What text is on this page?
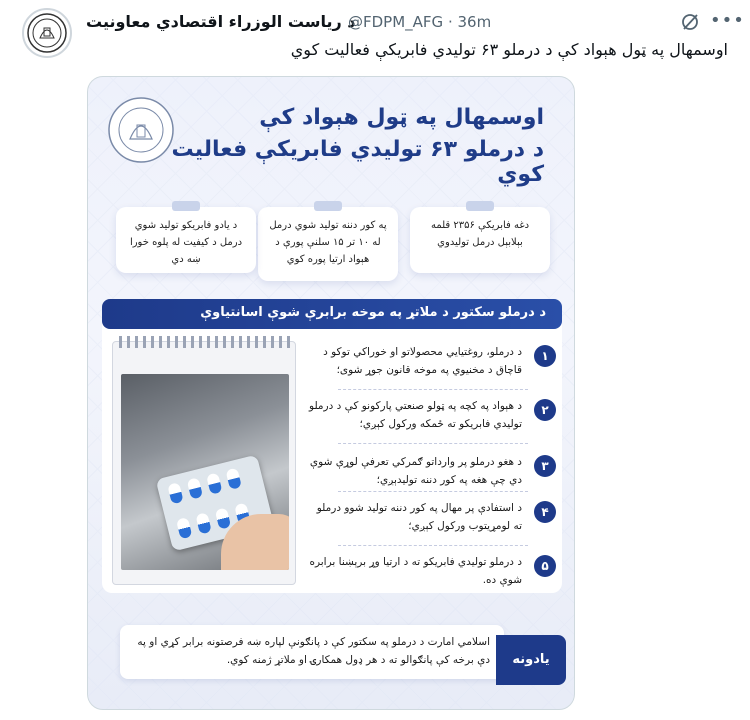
د ریاست الوزراء اقتصادي معاونیت
@FDPM_AFG · 36m	•••
اوسمهال په ټول هېواد کې د درملو ۶۳ توليدي فابريکې فعالیت کوي
اوسمهال په ټول هېواد کې
د درملو ۶۳ توليدي فابريکې فعاليت کوي
دغه فابريکې ۲۳۵۶ قلمه بېلابېل درمل توليدوي
په کور دننه توليد شوي درمل له ۱۰ تر ۱۵ سلنې پورې د هېواد ارتيا پوره کوي
د يادو فابريکو توليد شوي درمل د کيفيت له پلوه خورا ښه دي
د درملو سکتور د ملاتړ په موخه برابرې شوې اسانتياوې
۱
د درملو، روغتيايي محصولاتو او خوراکي توکو د قاچاق د مخنيوي په موخه قانون جوړ شوی؛
۲
د هېواد په کچه په ټولو صنعتي پارکونو کې د درملو توليدي فابريکو ته ځمکه ورکول کېږي؛
۳
د هغو درملو پر وارداتو ګمرکي تعرفې لوړې شوې دي چې هغه په کور دننه توليدېږي؛
۴
د استفادې پر مهال په کور دننه توليد شوو درملو ته لومړيتوب ورکول کېږي؛
۵
د درملو توليدي فابريکو ته د ارتيا وړ برېښنا برابره شوې ده.
اسلامي امارت د درملو په سکتور کې د پانګونې لپاره ښه فرصتونه برابر کړي او په دې برخه کې پانګوالو ته د هر ډول همکارۍ او ملاتړ ژمنه کوي.	يادونه
